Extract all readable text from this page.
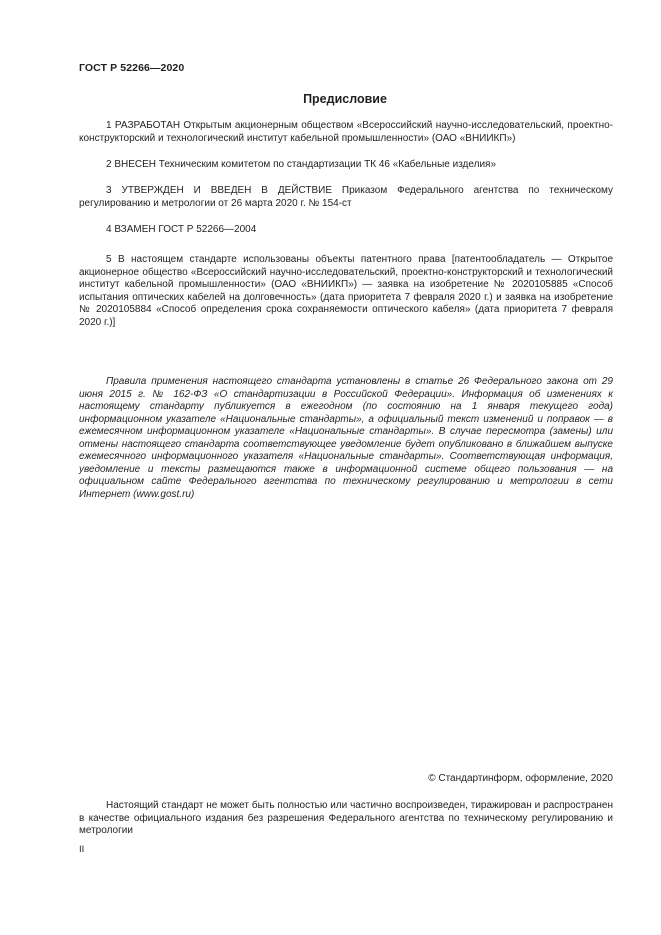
ГОСТ Р 52266—2020
Предисловие

1 РАЗРАБОТАН Открытым акционерным обществом «Всероссийский научно-исследовательский, проектно-конструкторский и технологический институт кабельной промышленности» (ОАО «ВНИИКП»)

2 ВНЕСЕН Техническим комитетом по стандартизации ТК 46 «Кабельные изделия»

3 УТВЕРЖДЕН И ВВЕДЕН В ДЕЙСТВИЕ Приказом Федерального агентства по техническому регулированию и метрологии от 26 марта 2020 г. № 154-ст

4 ВЗАМЕН ГОСТ Р 52266—2004

5 В настоящем стандарте использованы объекты патентного права [патентообладатель — Открытое акционерное общество «Всероссийский научно-исследовательский, проектно-конструкторский и технологический институт кабельной промышленности» (ОАО «ВНИИКП») — заявка на изобретение № 2020105885 «Способ испытания оптических кабелей на долговечность» (дата приоритета 7 февраля 2020 г.) и заявка на изобретение № 2020105884 «Способ определения срока сохраняемости оптического кабеля» (дата приоритета 7 февраля 2020 г.)]

Правила применения настоящего стандарта установлены в статье 26 Федерального закона от 29 июня 2015 г. № 162-ФЗ «О стандартизации в Российской Федерации». Информация об изменениях к настоящему стандарту публикуется в ежегодном (по состоянию на 1 января текущего года) информационном указателе «Национальные стандарты», а официальный текст изменений и поправок — в ежемесячном информационном указателе «Национальные стандарты». В случае пересмотра (замены) или отмены настоящего стандарта соответствующее уведомление будет опубликовано в ближайшем выпуске ежемесячного информационного указателя «Национальные стандарты». Соответствующая информация, уведомление и тексты размещаются также в информационной системе общего пользования — на официальном сайте Федерального агентства по техническому регулированию и метрологии в сети Интернет (www.gost.ru)

© Стандартинформ, оформление, 2020

Настоящий стандарт не может быть полностью или частично воспроизведен, тиражирован и распространен в качестве официального издания без разрешения Федерального агентства по техническому регулированию и метрологии

II
